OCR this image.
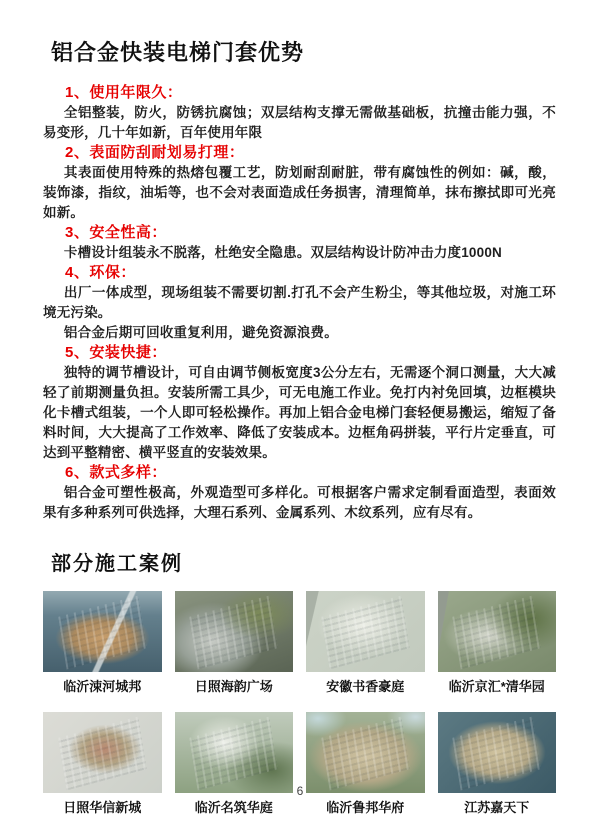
铝合金快装电梯门套优势
1、使用年限久：

全铝整装，防火，防锈抗腐蚀；双层结构支撑无需做基础板，抗撞击能力强，不易变形，几十年如新，百年使用年限

2、表面防刮耐划易打理：

其表面使用特殊的热熔包覆工艺，防划耐刮耐脏，带有腐蚀性的例如：碱，酸，装饰漆，指纹，油垢等，也不会对表面造成任务损害，清理简单，抹布擦拭即可光亮如新。

3、安全性高：

卡槽设计组装永不脱落，杜绝安全隐患。双层结构设计防冲击力度1000N

4、环保：

出厂一体成型，现场组装不需要切割.打孔不会产生粉尘，等其他垃圾，对施工环境无污染。

铝合金后期可回收重复利用，避免资源浪费。

5、安装快捷：

独特的调节槽设计，可自由调节侧板宽度3公分左右，无需逐个洞口测量，大大减轻了前期测量负担。安装所需工具少，可无电施工作业。免打内衬免回填，边框模块化卡槽式组装，一个人即可轻松操作。再加上铝合金电梯门套轻便易搬运，缩短了备料时间，大大提高了工作效率、降低了安装成本。边框角码拼装，平行片定垂直，可达到平整精密、横平竖直的安装效果。

6、款式多样：

铝合金可塑性极高，外观造型可多样化。可根据客户需求定制看面造型，表面效果有多种系列可供选择，大理石系列、金属系列、木纹系列，应有尽有。

部分施工案例
临沂涑河城邦	日照海韵广场	安徽书香豪庭	临沂京汇*清华园
日照华信新城	临沂名筑华庭	临沂鲁邦华府	江苏嘉天下
6
